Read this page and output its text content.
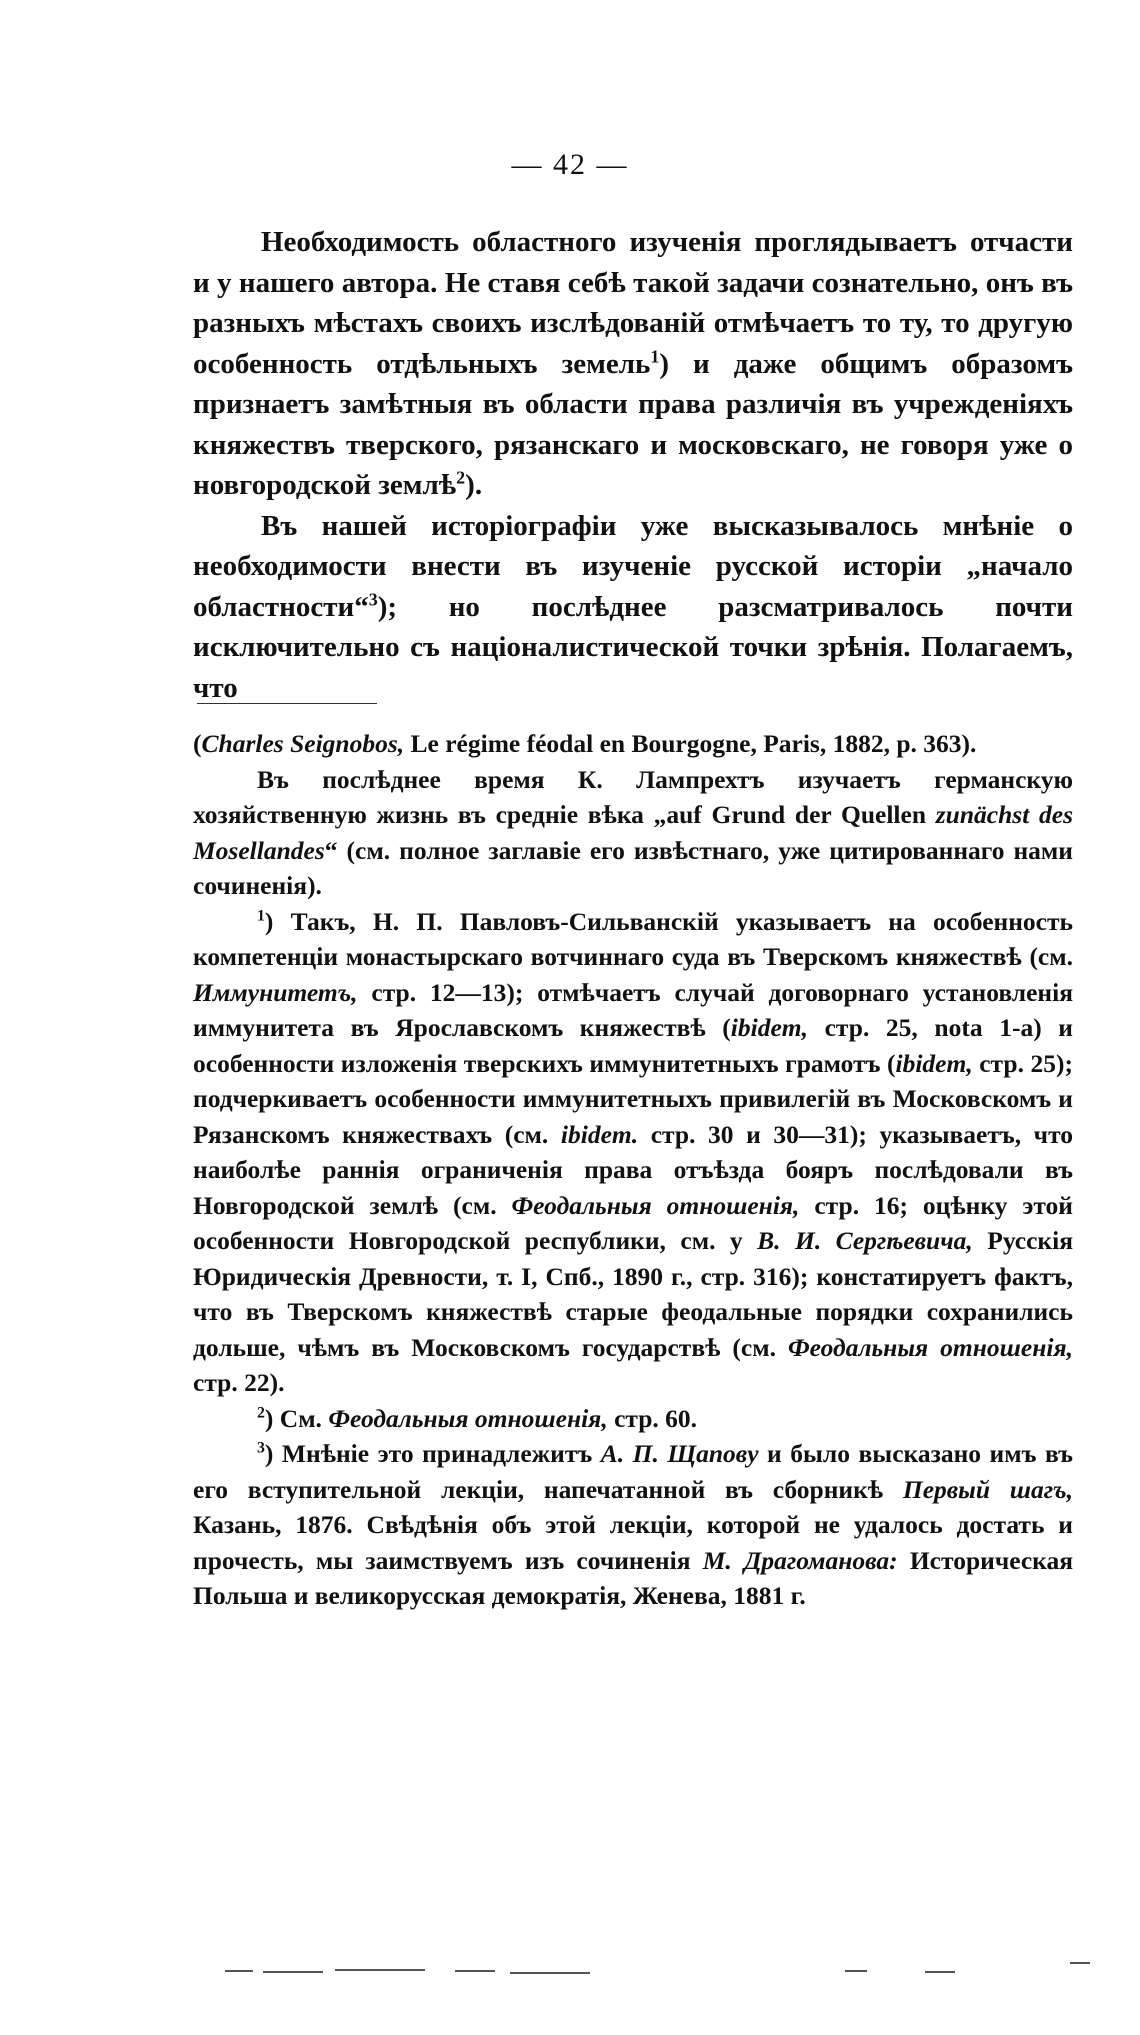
— 42 —

Необходимость областного изученія проглядываетъ отчасти и у нашего автора. Не ставя себѣ такой задачи сознательно, онъ въ разныхъ мѣстахъ своихъ изслѣдованій отмѣчаетъ то ту, то другую особенность отдѣльныхъ земель$^1$) и даже общимъ образомъ признаетъ замѣтныя въ области права различія въ учрежденіяхъ княжествъ тверского, рязанскаго и московскаго, не говоря уже о новгородской землѣ$^2$).

Въ нашей исторіографіи уже высказывалось мнѣніе о необходимости внести въ изученіе русской исторіи „начало областности“$^3$); но послѣднее разсматривалось почти исключительно съ націоналистической точки зрѣнія. Полагаемъ, что

(Charles Seignobos, Le régime féodal en Bourgogne, Paris, 1882, p. 363).

Въ послѣднее время К. Лампрехтъ изучаетъ германскую хозяйственную жизнь въ средніе вѣка „auf Grund der Quellen zunächst des Mosellandes“ (см. полное заглавіе его извѣстнаго, уже цитированнаго нами сочиненія).

$^1$) Такъ, Н. П. Павловъ-Сильванскій указываетъ на особенность компетенціи монастырскаго вотчиннаго суда въ Тверскомъ княжествѣ (см. Иммунитетъ, стр. 12—13); отмѣчаетъ случай договорнаго установленія иммунитета въ Ярославскомъ княжествѣ (ibidem, стр. 25, nota 1-a) и особенности изложенія тверскихъ иммунитетныхъ грамотъ (ibidem, стр. 25); подчеркиваетъ особенности иммунитетныхъ привилегій въ Московскомъ и Рязанскомъ княжествахъ (см. ibidem. стр. 30 и 30—31); указываетъ, что наиболѣе раннія ограниченія права отъѣзда бояръ послѣдовали въ Новгородской землѣ (см. Феодальныя отношенія, стр. 16; оцѣнку этой особенности Новгородской республики, см. у В. И. Сергѣевича, Русскія Юридическія Древности, т. I, Спб., 1890 г., стр. 316); констатируетъ фактъ, что въ Тверскомъ княжествѣ старые феодальные порядки сохранились дольше, чѣмъ въ Московскомъ государствѣ (см. Феодальныя отношенія, стр. 22).

$^2$) См. Феодальныя отношенія, стр. 60.

$^3$) Мнѣніе это принадлежитъ А. П. Щапову и было высказано имъ въ его вступительной лекціи, напечатанной въ сборникѣ Первый шагъ, Казань, 1876. Свѣдѣнія объ этой лекціи, которой не удалось достать и прочесть, мы заимствуемъ изъ сочиненія М. Драгоманова: Историческая Польша и великорусская демократія, Женева, 1881 г.
